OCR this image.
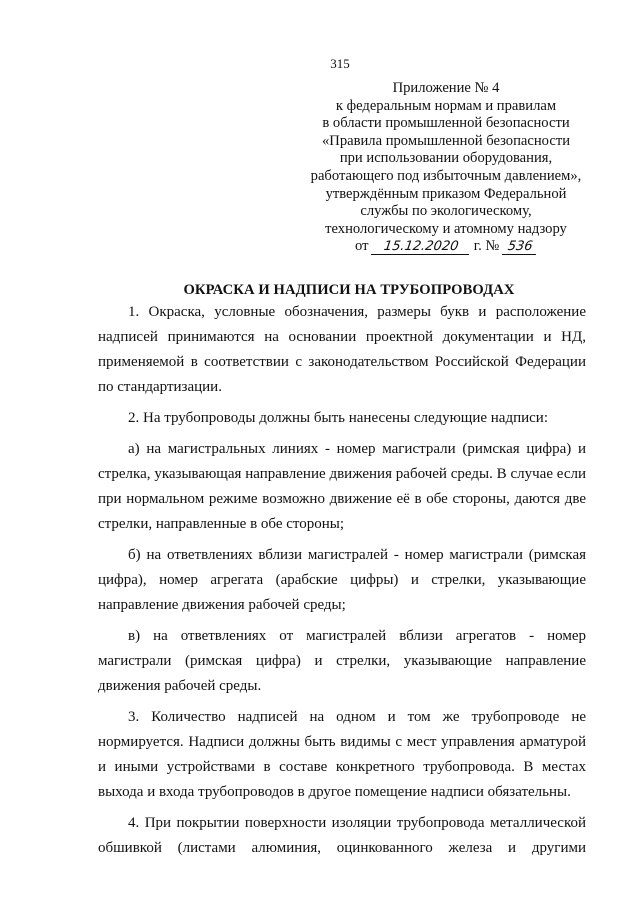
315
Приложение № 4
к федеральным нормам и правилам
в области промышленной безопасности
«Правила промышленной безопасности
при использовании оборудования,
работающего под избыточным давлением»,
утверждённым приказом Федеральной
службы по экологическому,
технологическому и атомному надзору
от 15.12.2020 г. № 536
ОКРАСКА И НАДПИСИ НА ТРУБОПРОВОДАХ

1. Окраска, условные обозначения, размеры букв и расположение надписей принимаются на основании проектной документации и НД, применяемой в соответствии с законодательством Российской Федерации по стандартизации.

2. На трубопроводы должны быть нанесены следующие надписи:

а) на магистральных линиях - номер магистрали (римская цифра) и стрелка, указывающая направление движения рабочей среды. В случае если при нормальном режиме возможно движение её в обе стороны, даются две стрелки, направленные в обе стороны;

б) на ответвлениях вблизи магистралей - номер магистрали (римская цифра), номер агрегата (арабские цифры) и стрелки, указывающие направление движения рабочей среды;

в) на ответвлениях от магистралей вблизи агрегатов - номер магистрали (римская цифра) и стрелки, указывающие направление движения рабочей среды.

3. Количество надписей на одном и том же трубопроводе не нормируется. Надписи должны быть видимы с мест управления арматурой и иными устройствами в составе конкретного трубопровода. В местах выхода и входа трубопроводов в другое помещение надписи обязательны.

4. При покрытии поверхности изоляции трубопровода металлической обшивкой (листами алюминия, оцинкованного железа и другими
